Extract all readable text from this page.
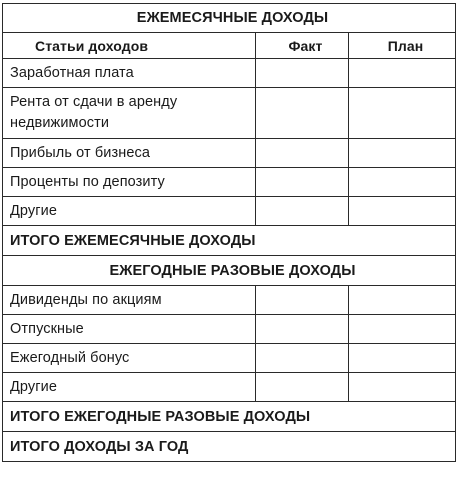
ЕЖЕМЕСЯЧНЫЕ ДОХОДЫ		
Статьи доходов	Факт	План
Заработная плата		
Рента от сдачи в аренду недвижимости		
Прибыль от бизнеса		
Проценты по депозиту		
Другие		
ИТОГО ЕЖЕМЕСЯЧНЫЕ ДОХОДЫ		
ЕЖЕГОДНЫЕ РАЗОВЫЕ ДОХОДЫ		
Дивиденды по акциям		
Отпускные		
Ежегодный бонус		
Другие		
ИТОГО ЕЖЕГОДНЫЕ РАЗОВЫЕ ДОХОДЫ		
ИТОГО ДОХОДЫ ЗА ГОД		
